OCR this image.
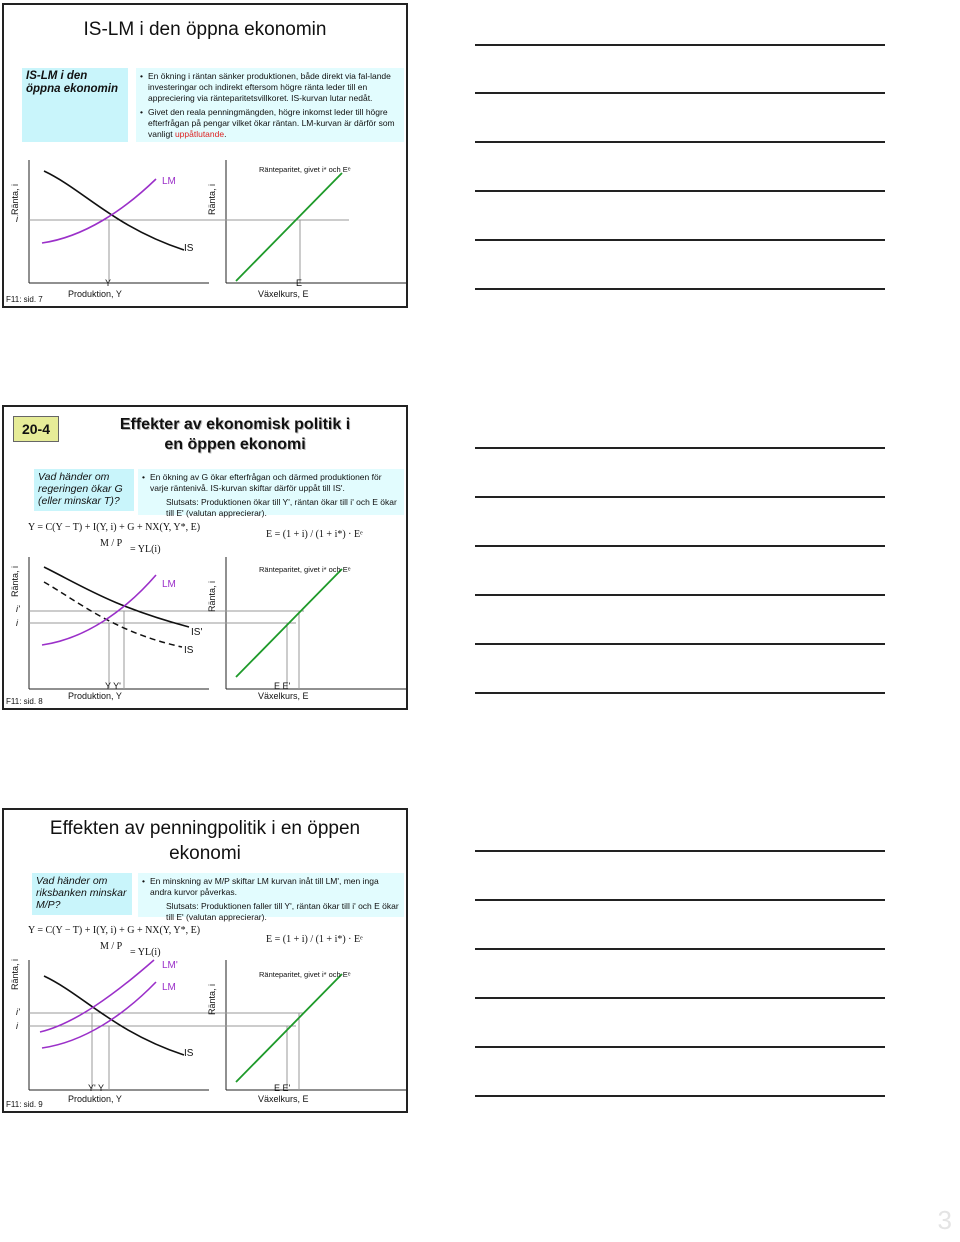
IS-LM i den öppna ekonomin
IS-LM i den öppna ekonomin

• En ökning i räntan sänker produktionen, både direkt via fal-lande investeringar och indirekt eftersom högre ränta leder till en appreciering via ränteparitetsvillkoret. IS-kurvan lutar nedåt.

• Givet den reala penningmängden, högre inkomst leder till högre efterfrågan på pengar vilket ökar räntan. LM-kurvan är därför som vanligt uppåtlutande.

Ränta, i	Ränta, i
i
LM
IS
Ränteparitet, givet i* och Eᵉ
Y
Produktion, Y
E
Växelkurs, E
F11: sid. 7
20-4	Effekter av ekonomisk politik i
en öppen ekonomi
Vad händer om regeringen ökar G (eller minskar T)?

• En ökning av G ökar efterfrågan och därmed produktionen för varje räntenivå. IS-kurvan skiftar därför uppåt till IS'.

Slutsats: Produktionen ökar till Y', räntan ökar till i' och E ökar till E' (valutan apprecierar).

Y = C(Y − T) + I(Y, i) + G + NX(Y, Y*, E)
M / P
= YL(i)
E = (1 + i) / (1 + i*) · Eᵉ
Ränta, i	Ränta, i
i'
i
LM
IS'
IS
Ränteparitet, givet i* och Eᵉ
Y Y'
Produktion, Y
E E'
Växelkurs, E
F11: sid. 8
Effekten av penningpolitik i en öppen
ekonomi
Vad händer om riksbanken minskar M/P?

• En minskning av M/P skiftar LM kurvan inåt till LM', men inga andra kurvor påverkas.

Slutsats: Produktionen faller till Y', räntan ökar till i' och E ökar till E' (valutan apprecierar).

Y = C(Y − T) + I(Y, i) + G + NX(Y, Y*, E)
M / P
= YL(i)
E = (1 + i) / (1 + i*) · Eᵉ
Ränta, i
Ränta, i
i'
i
LM'
LM
IS
Ränteparitet, givet i* och Eᵉ
Y' Y
Produktion, Y
E E'
Växelkurs, E
F11: sid. 9
3
